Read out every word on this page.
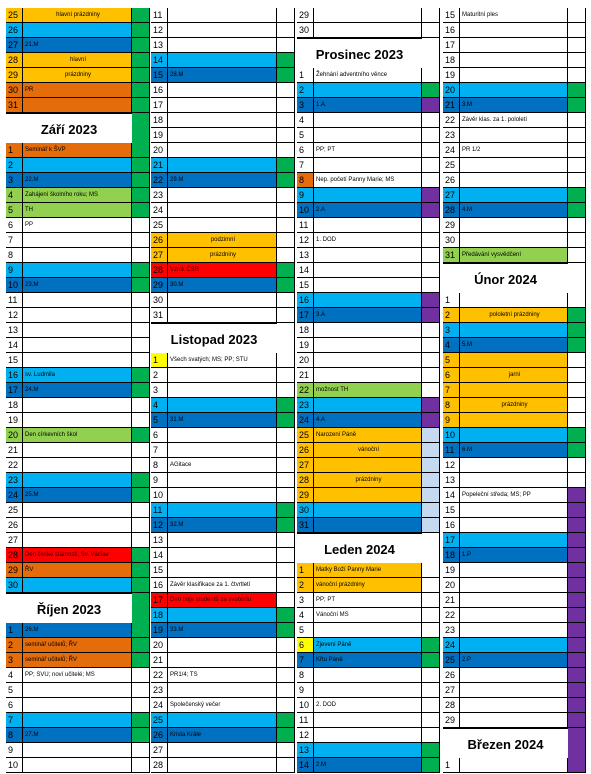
25	hlavní prázdniny
26
27	21.M
28	hlavní
29	prázdniny
30	PR
31
Září 2023
1	Seminář k ŠVP
2
3	22.M
4	Zahájení školního roku; MS
5	TH
6	PP
7
8
9
10	23.M
11
12
13
14
15
16	sv. Ludmila
17	24.M
18
19
20	Den církevních škol
21
22
23
24	25.M
25
26
27
28	Den české státnosti, Sv. Václav
29	ŘV
30
Říjen 2023
1	26.M
2	seminář učitelů; ŘV
3	seminář učitelů; ŘV
4	PP; SVU; noví učitelé; MS
5
6
7
8	27.M
9
10
11
12
13
14
15	28.M
16
17
18
19
20
21
22	29.M
23
24
25
26	podzimní
27	prázdniny
28	Vznik ČSR
29	30.M
30
31
Listopad 2023
1	Všech svatých; MS; PP; STU
2
3
4
5	31.M
6
7
8	AGitace
9
10
11
12	32.M
13
14
15
16	Závěr klasifikace za 1. čtvrtletí
17	Den boje studentů za svobodu
18
19	33.M
20
21
22	PR1/4; TS
23
24	Společenský večer
25
26	Krista Krále
27
28
29
30
Prosinec 2023
1	Žehnání adventního věnce
2
3	1.A
4
5
6	PP; PT
7
8	Nep. početí Panny Marie; MS
9
10	2.A
11
12	1. DOD
13
14
15
16
17	3.A
18
19
20
21
22	možnost TH
23
24	4.A
25	Narození Páně
26	vánoční
27
28	prázdniny
29
30
31
Leden 2024
1	Matky Boží Panny Marie
2	vánoční prázdniny
3	PP; PT
4	Vánoční MS
5
6	Zjevení Páně
7	Křtu Páně
8
9
10	2. DOD
11
12
13
14	2.M
15	Maturitní ples
16
17
18
19
20
21	3.M
22	Závěr klas. za 1. pololetí
23
24	PR 1/2
25
26
27
28	4.M
29
30
31	Předávání vysvědčení
Únor 2024
1
2	pololetní prázdniny
3
4	5.M
5
6	jarní
7
8	prázdniny
9
10
11	6.M
12
13
14	Popeleční středa; MS; PP
15
16
17
18	1.P
19
20
21
22
23
24
25	2.P
26
27
28
29
Březen 2024
1
